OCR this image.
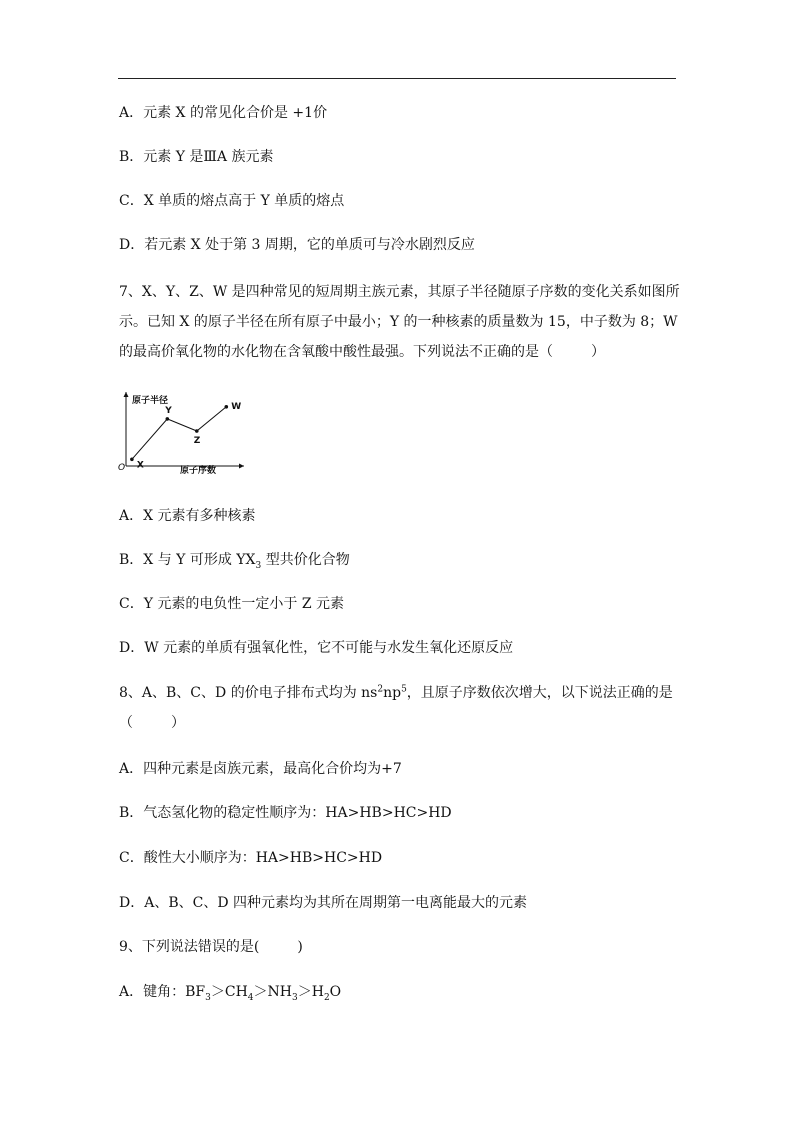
A．元素 X 的常见化合价是 +1价
B．元素 Y 是ⅢA 族元素
C．X 单质的熔点高于 Y 单质的熔点
D．若元素 X 处于第 3 周期，它的单质可与冷水剧烈反应
7、X、Y、Z、W 是四种常见的短周期主族元素，其原子半径随原子序数的变化关系如图所
示。已知 X 的原子半径在所有原子中最小；Y 的一种核素的质量数为 15，中子数为 8；W
的最高价氧化物的水化物在含氧酸中酸性最强。下列说法不正确的是（	）
原子半径
原子序数
O X
Y
Z
W
A．X 元素有多种核素
B．X 与 Y 可形成 $YX_3$ 型共价化合物
C．Y 元素的电负性一定小于 Z 元素
D．W 元素的单质有强氧化性，它不可能与水发生氧化还原反应
8、A、B、C、D 的价电子排布式均为 $ns^2np^5$，且原子序数依次增大，以下说法正确的是
（	）
A．四种元素是卤族元素，最高化合价均为+7
B．气态氢化物的稳定性顺序为：HA>HB>HC>HD
C．酸性大小顺序为：HA>HB>HC>HD
D．A、B、C、D 四种元素均为其所在周期第一电离能最大的元素
9、下列说法错误的是(	)
A．键角：$BF_3>CH_4>NH_3>H_2O$
